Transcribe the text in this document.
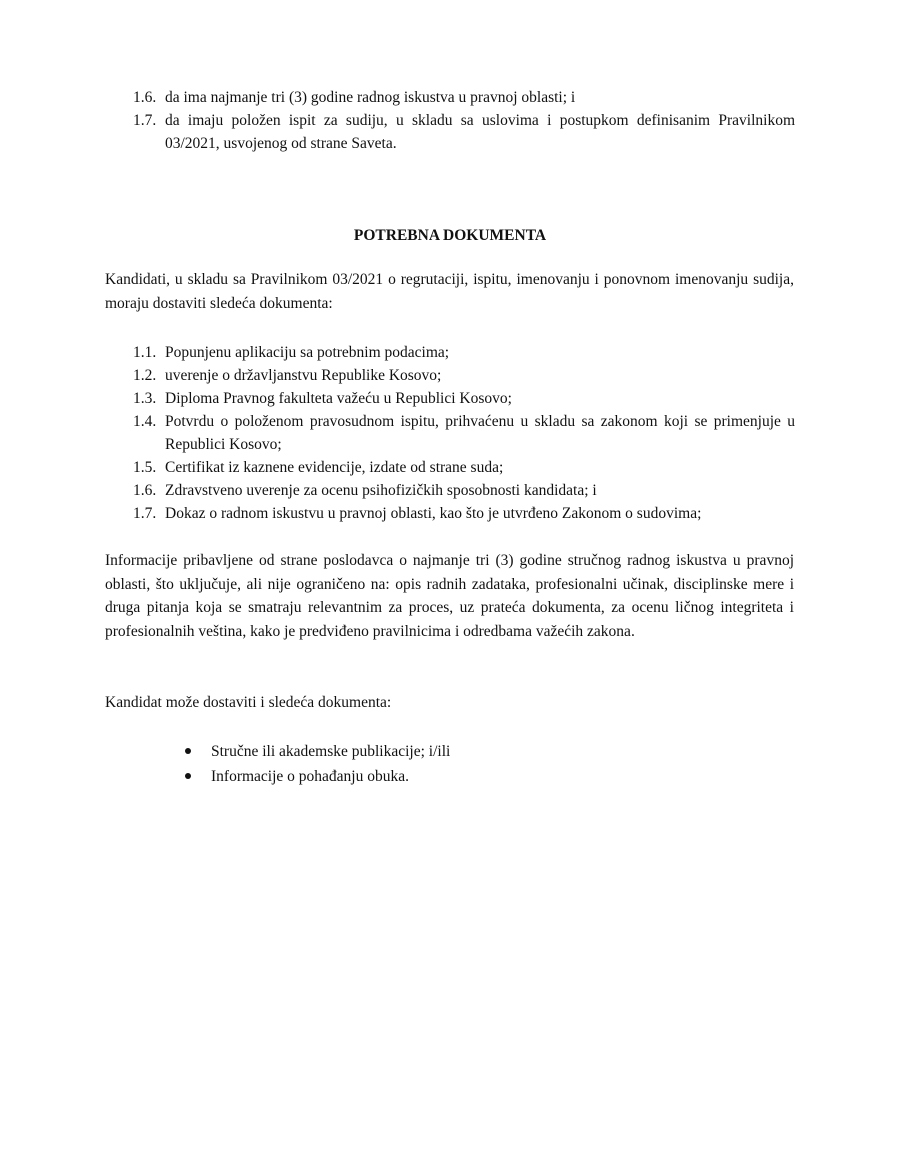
1.6. da ima najmanje tri (3) godine radnog iskustva u pravnoj oblasti; i
1.7. da imaju položen ispit za sudiju, u skladu sa uslovima i postupkom definisanim Pravilnikom 03/2021, usvojenog od strane Saveta.
POTREBNA DOKUMENTA

Kandidati, u skladu sa Pravilnikom 03/2021 o regrutaciji, ispitu, imenovanju i ponovnom imenovanju sudija, moraju dostaviti sledeća dokumenta:

1.1. Popunjenu aplikaciju sa potrebnim podacima;
1.2. uverenje o državljanstvu Republike Kosovo;
1.3. Diploma Pravnog fakulteta važeću u Republici Kosovo;
1.4. Potvrdu o položenom pravosudnom ispitu, prihvaćenu u skladu sa zakonom koji se primenjuje u Republici Kosovo;
1.5. Certifikat iz kaznene evidencije, izdate od strane suda;
1.6. Zdravstveno uverenje za ocenu psihofizičkih sposobnosti kandidata; i
1.7. Dokaz o radnom iskustvu u pravnoj oblasti, kao što je utvrđeno Zakonom o sudovima;

Informacije pribavljene od strane poslodavca o najmanje tri (3) godine stručnog radnog iskustva u pravnoj oblasti, što uključuje, ali nije ograničeno na: opis radnih zadataka, profesionalni učinak, disciplinske mere i druga pitanja koja se smatraju relevantnim za proces, uz prateća dokumenta, za ocenu ličnog integriteta i profesionalnih veština, kako je predviđeno pravilnicima i odredbama važećih zakona.

Kandidat može dostaviti i sledeća dokumenta:

Stručne ili akademske publikacije; i/ili
Informacije o pohađanju obuka.
